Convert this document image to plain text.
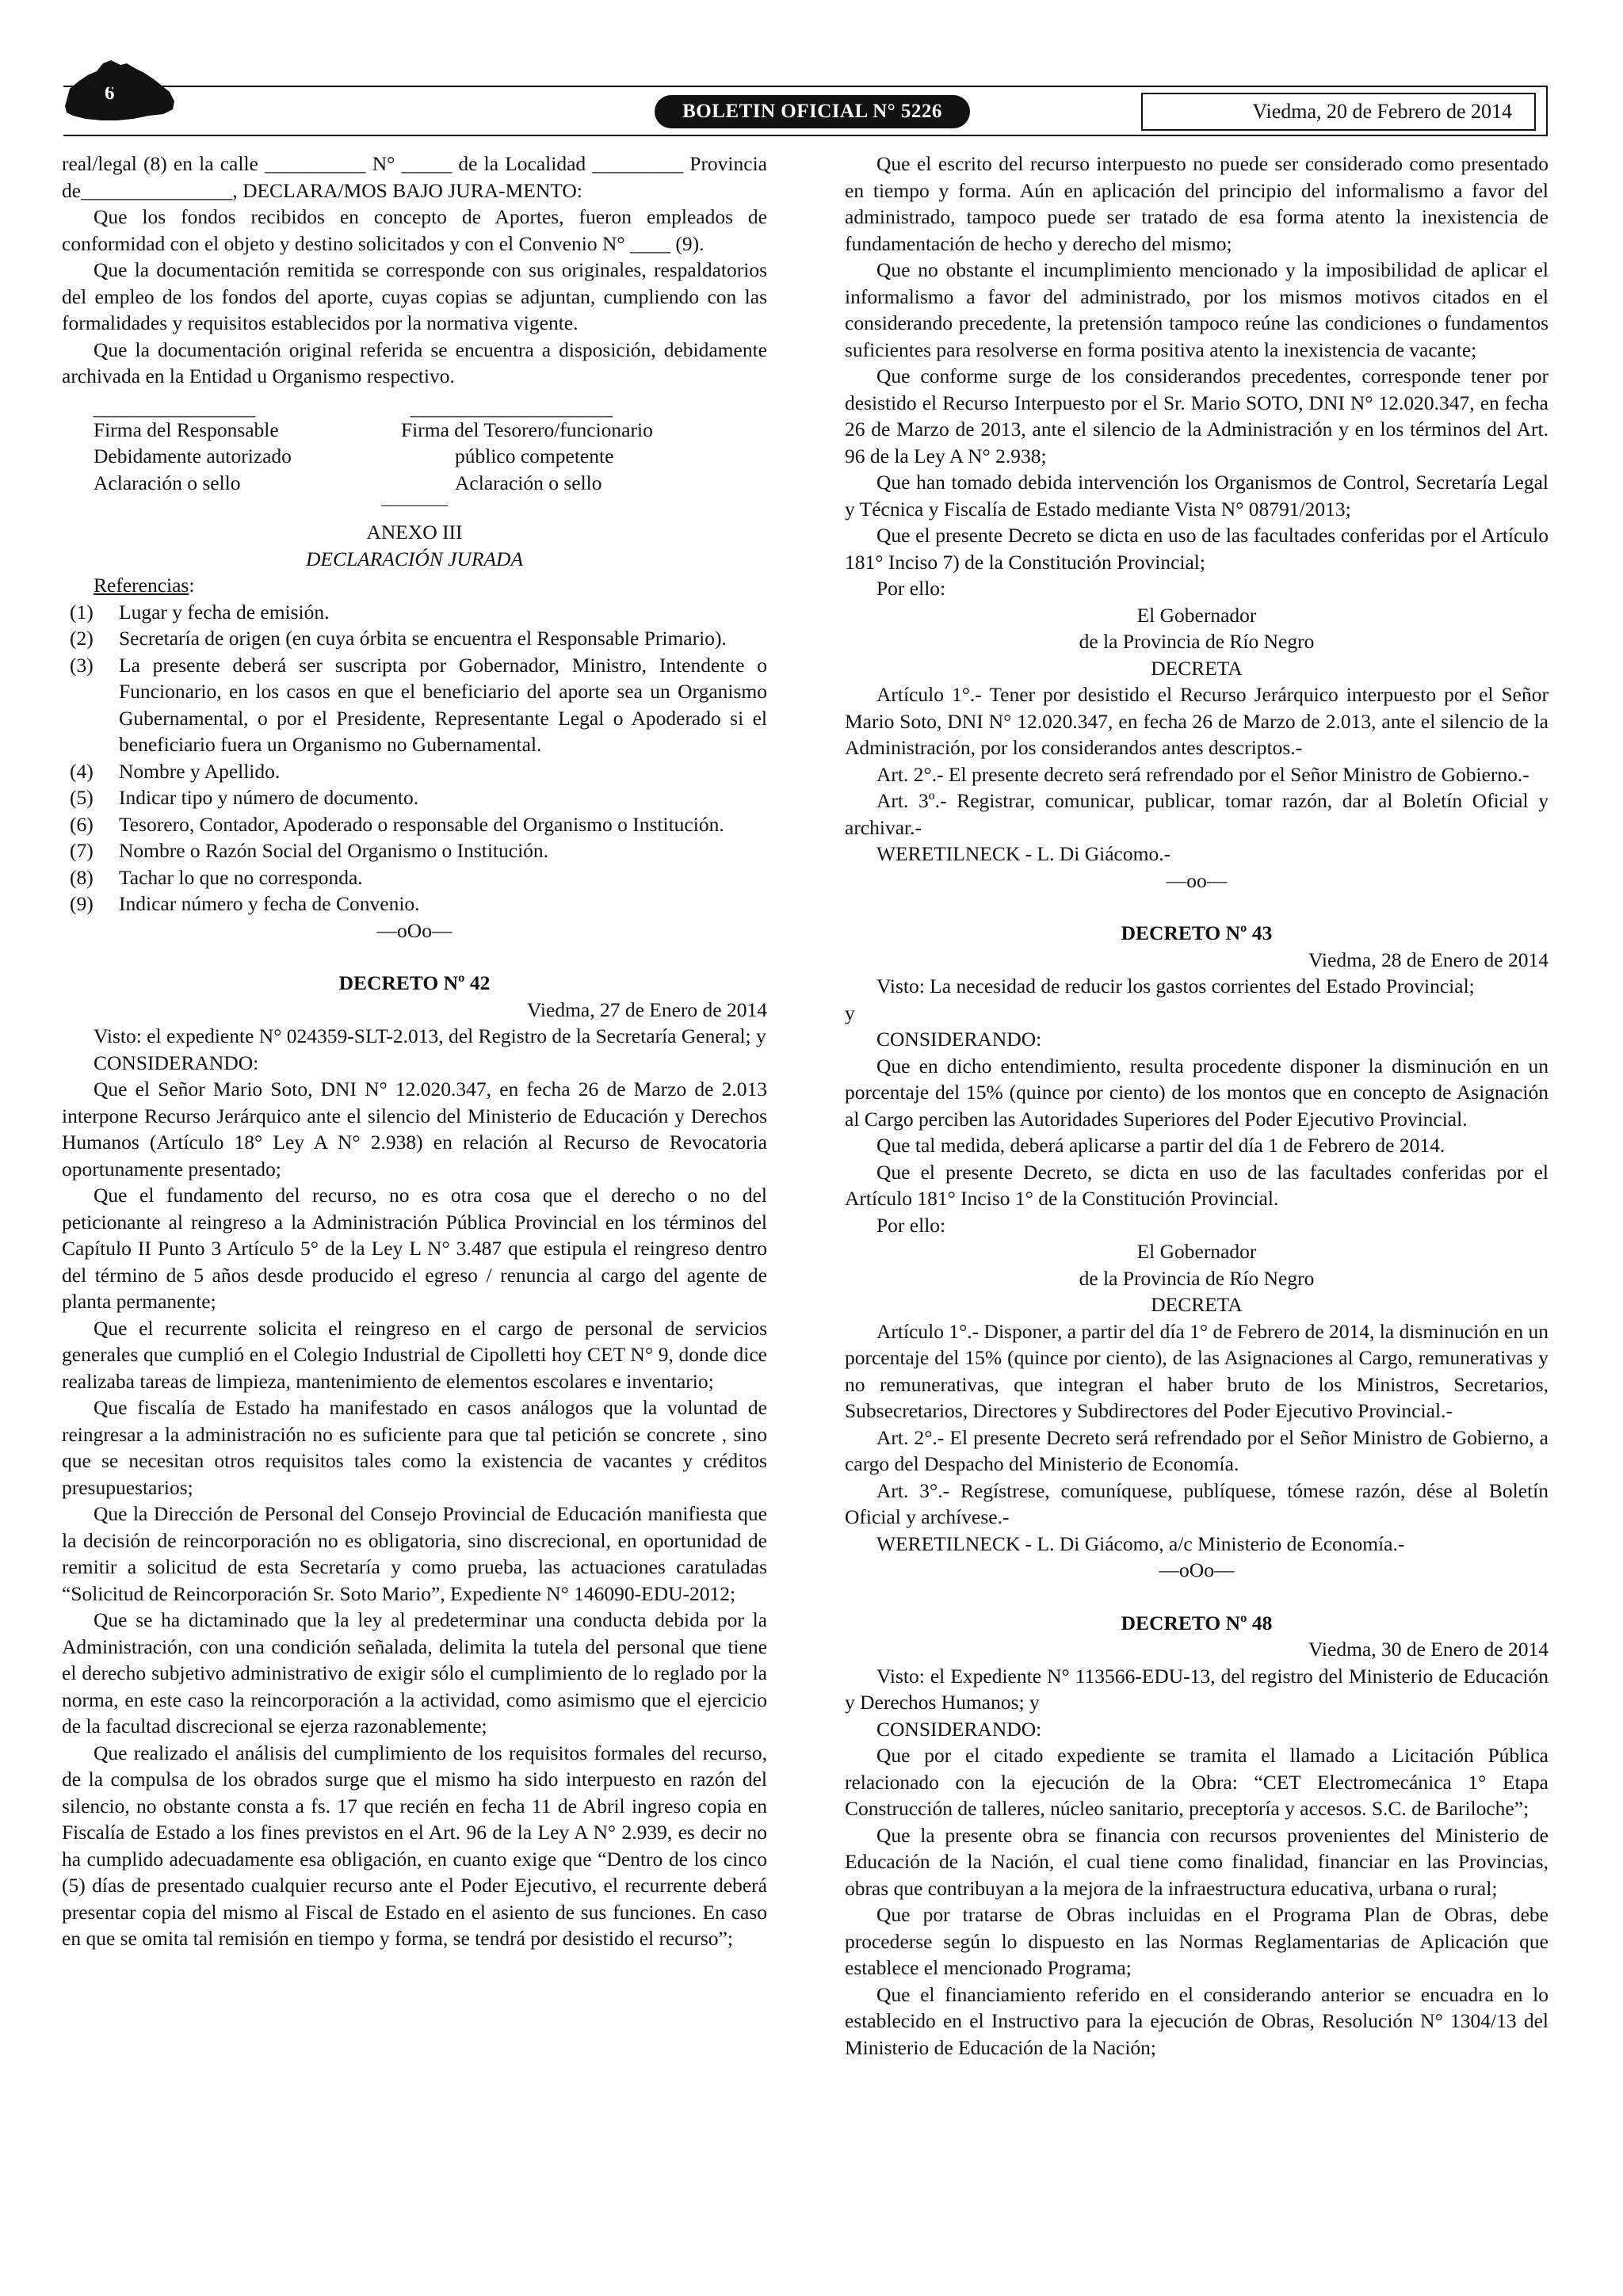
6
BOLETIN OFICIAL N° 5226	Viedma, 20 de Febrero de 2014

real/legal (8) en la calle __________ N° _____ de la Localidad _________ Provincia de_______________, DECLARA/MOS BAJO JURA-MENTO:

Que los fondos recibidos en concepto de Aportes, fueron empleados de conformidad con el objeto y destino solicitados y con el Convenio N° ____ (9).

Que la documentación remitida se corresponde con sus originales, respaldatorios del empleo de los fondos del aporte, cuyas copias se adjuntan, cumpliendo con las formalidades y requisitos establecidos por la normativa vigente.

Que la documentación original referida se encuentra a disposición, debidamente archivada en la Entidad u Organismo respectivo.

________________	____________________
Firma del Responsable	Firma del Tesorero/funcionario
Debidamente autorizado	público competente
Aclaración o sello	Aclaración o sello

ANEXO III

DECLARACIÓN JURADA

Referencias:

(1) Lugar y fecha de emisión.
(2) Secretaría de origen (en cuya órbita se encuentra el Responsable Primario).
(3) La presente deberá ser suscripta por Gobernador, Ministro, Intendente o Funcionario, en los casos en que el beneficiario del aporte sea un Organismo Gubernamental, o por el Presidente, Representante Legal o Apoderado si el beneficiario fuera un Organismo no Gubernamental.
(4) Nombre y Apellido.
(5) Indicar tipo y número de documento.
(6) Tesorero, Contador, Apoderado o responsable del Organismo o Institución.
(7) Nombre o Razón Social del Organismo o Institución.
(8) Tachar lo que no corresponda.
(9) Indicar número y fecha de Convenio.

—oOo—

DECRETO Nº 42

Viedma, 27 de Enero de 2014

Visto: el expediente N° 024359-SLT-2.013, del Registro de la Secretaría General; y

CONSIDERANDO:

Que el Señor Mario Soto, DNI N° 12.020.347, en fecha 26 de Marzo de 2.013 interpone Recurso Jerárquico ante el silencio del Ministerio de Educación y Derechos Humanos (Artículo 18° Ley A N° 2.938) en relación al Recurso de Revocatoria oportunamente presentado;

Que el fundamento del recurso, no es otra cosa que el derecho o no del peticionante al reingreso a la Administración Pública Provincial en los términos del Capítulo II Punto 3 Artículo 5° de la Ley L N° 3.487 que estipula el reingreso dentro del término de 5 años desde producido el egreso / renuncia al cargo del agente de planta permanente;

Que el recurrente solicita el reingreso en el cargo de personal de servicios generales que cumplió en el Colegio Industrial de Cipolletti hoy CET N° 9, donde dice realizaba tareas de limpieza, mantenimiento de elementos escolares e inventario;

Que fiscalía de Estado ha manifestado en casos análogos que la voluntad de reingresar a la administración no es suficiente para que tal petición se concrete , sino que se necesitan otros requisitos tales como la existencia de vacantes y créditos presupuestarios;

Que la Dirección de Personal del Consejo Provincial de Educación manifiesta que la decisión de reincorporación no es obligatoria, sino discrecional, en oportunidad de remitir a solicitud de esta Secretaría y como prueba, las actuaciones caratuladas “Solicitud de Reincorporación Sr. Soto Mario”, Expediente N° 146090-EDU-2012;

Que se ha dictaminado que la ley al predeterminar una conducta debida por la Administración, con una condición señalada, delimita la tutela del personal que tiene el derecho subjetivo administrativo de exigir sólo el cumplimiento de lo reglado por la norma, en este caso la reincorporación a la actividad, como asimismo que el ejercicio de la facultad discrecional se ejerza razonablemente;

Que realizado el análisis del cumplimiento de los requisitos formales del recurso, de la compulsa de los obrados surge que el mismo ha sido interpuesto en razón del silencio, no obstante consta a fs. 17 que recién en fecha 11 de Abril ingreso copia en Fiscalía de Estado a los fines previstos en el Art. 96 de la Ley A N° 2.939, es decir no ha cumplido adecuadamente esa obligación, en cuanto exige que “Dentro de los cinco (5) días de presentado cualquier recurso ante el Poder Ejecutivo, el recurrente deberá presentar copia del mismo al Fiscal de Estado en el asiento de sus funciones. En caso en que se omita tal remisión en tiempo y forma, se tendrá por desistido el recurso”;

Que el escrito del recurso interpuesto no puede ser considerado como presentado en tiempo y forma. Aún en aplicación del principio del informalismo a favor del administrado, tampoco puede ser tratado de esa forma atento la inexistencia de fundamentación de hecho y derecho del mismo;

Que no obstante el incumplimiento mencionado y la imposibilidad de aplicar el informalismo a favor del administrado, por los mismos motivos citados en el considerando precedente, la pretensión tampoco reúne las condiciones o fundamentos suficientes para resolverse en forma positiva atento la inexistencia de vacante;

Que conforme surge de los considerandos precedentes, corresponde tener por desistido el Recurso Interpuesto por el Sr. Mario SOTO, DNI N° 12.020.347, en fecha 26 de Marzo de 2013, ante el silencio de la Administración y en los términos del Art. 96 de la Ley A N° 2.938;

Que han tomado debida intervención los Organismos de Control, Secretaría Legal y Técnica y Fiscalía de Estado mediante Vista N° 08791/2013;

Que el presente Decreto se dicta en uso de las facultades conferidas por el Artículo 181° Inciso 7) de la Constitución Provincial;

Por ello:

El Gobernador

de la Provincia de Río Negro

DECRETA

Artículo 1°.- Tener por desistido el Recurso Jerárquico interpuesto por el Señor Mario Soto, DNI N° 12.020.347, en fecha 26 de Marzo de 2.013, ante el silencio de la Administración, por los considerandos antes descriptos.-

Art. 2°.- El presente decreto será refrendado por el Señor Ministro de Gobierno.-

Art. 3º.- Registrar, comunicar, publicar, tomar razón, dar al Boletín Oficial y archivar.-

WERETILNECK - L. Di Giácomo.-

—oo—

DECRETO Nº 43

Viedma, 28 de Enero de 2014

Visto: La necesidad de reducir los gastos corrientes del Estado Provincial;

y

CONSIDERANDO:

Que en dicho entendimiento, resulta procedente disponer la disminución en un porcentaje del 15% (quince por ciento) de los montos que en concepto de Asignación al Cargo perciben las Autoridades Superiores del Poder Ejecutivo Provincial.

Que tal medida, deberá aplicarse a partir del día 1 de Febrero de 2014.

Que el presente Decreto, se dicta en uso de las facultades conferidas por el Artículo 181° Inciso 1° de la Constitución Provincial.

Por ello:

El Gobernador

de la Provincia de Río Negro

DECRETA

Artículo 1°.- Disponer, a partir del día 1° de Febrero de 2014, la disminución en un porcentaje del 15% (quince por ciento), de las Asignaciones al Cargo, remunerativas y no remunerativas, que integran el haber bruto de los Ministros, Secretarios, Subsecretarios, Directores y Subdirectores del Poder Ejecutivo Provincial.-

Art. 2°.- El presente Decreto será refrendado por el Señor Ministro de Gobierno, a cargo del Despacho del Ministerio de Economía.

Art. 3°.- Regístrese, comuníquese, publíquese, tómese razón, dése al Boletín Oficial y archívese.-

WERETILNECK - L. Di Giácomo, a/c Ministerio de Economía.-

—oOo—

DECRETO Nº 48

Viedma, 30 de Enero de 2014

Visto: el Expediente N° 113566-EDU-13, del registro del Ministerio de Educación y Derechos Humanos; y

CONSIDERANDO:

Que por el citado expediente se tramita el llamado a Licitación Pública relacionado con la ejecución de la Obra: “CET Electromecánica 1° Etapa Construcción de talleres, núcleo sanitario, preceptoría y accesos. S.C. de Bariloche”;

Que la presente obra se financia con recursos provenientes del Ministerio de Educación de la Nación, el cual tiene como finalidad, financiar en las Provincias, obras que contribuyan a la mejora de la infraestructura educativa, urbana o rural;

Que por tratarse de Obras incluidas en el Programa Plan de Obras, debe procederse según lo dispuesto en las Normas Reglamentarias de Aplicación que establece el mencionado Programa;

Que el financiamiento referido en el considerando anterior se encuadra en lo establecido en el Instructivo para la ejecución de Obras, Resolución N° 1304/13 del Ministerio de Educación de la Nación;
